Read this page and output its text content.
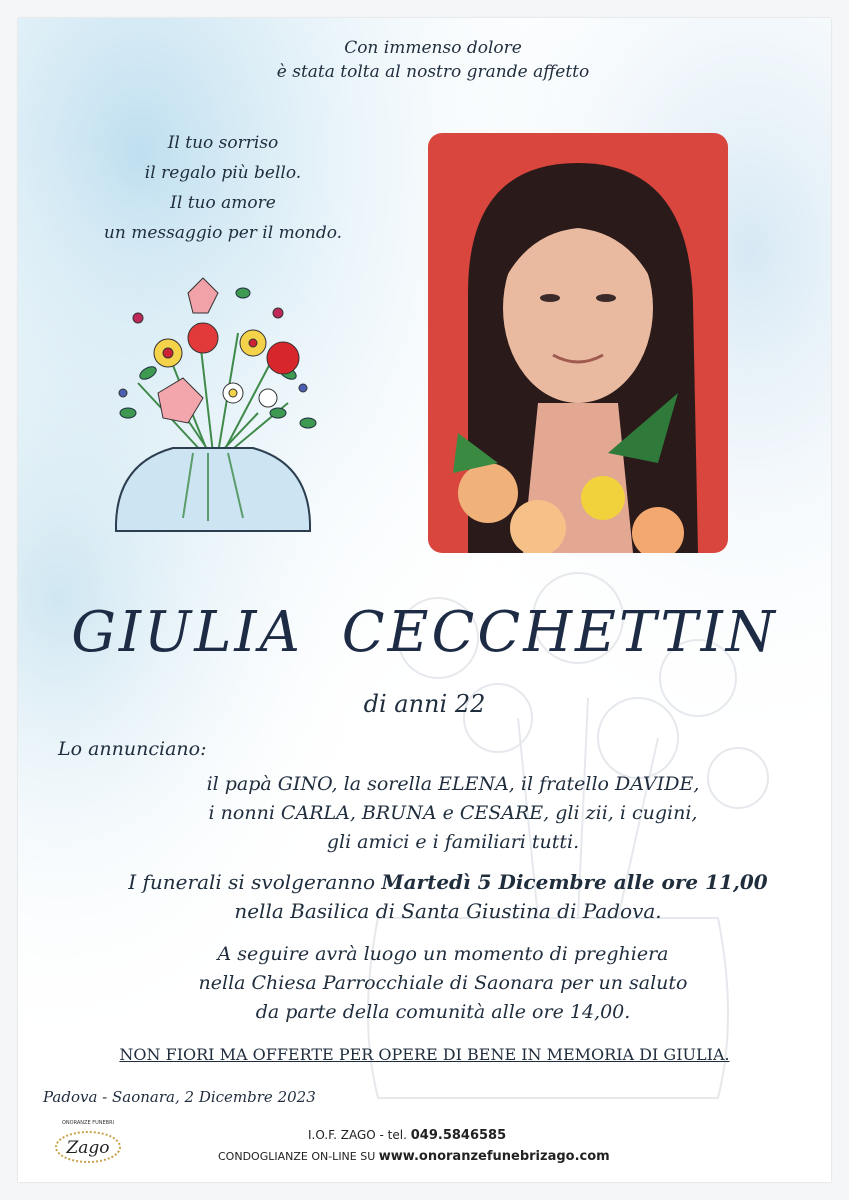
Con immenso dolore
è stata tolta al nostro grande affetto
Il tuo sorriso
il regalo più bello.
Il tuo amore
un messaggio per il mondo.
GIULIA CECCHETTIN
di anni 22
Lo annunciano:
il papà GINO, la sorella ELENA, il fratello DAVIDE,
i nonni CARLA, BRUNA e CESARE, gli zii, i cugini,
gli amici e i familiari tutti.
I funerali si svolgeranno Martedì 5 Dicembre alle ore 11,00
nella Basilica di Santa Giustina di Padova.
A seguire avrà luogo un momento di preghiera
nella Chiesa Parrocchiale di Saonara per un saluto
da parte della comunità alle ore 14,00.
NON FIORI MA OFFERTE PER OPERE DI BENE IN MEMORIA DI GIULIA.
Padova - Saonara, 2 Dicembre 2023
ONORANZE FUNEBRI
Zago
I.O.F. ZAGO - tel. 049.5846585
CONDOGLIANZE ON-LINE SU www.onoranzefunebrizago.com
